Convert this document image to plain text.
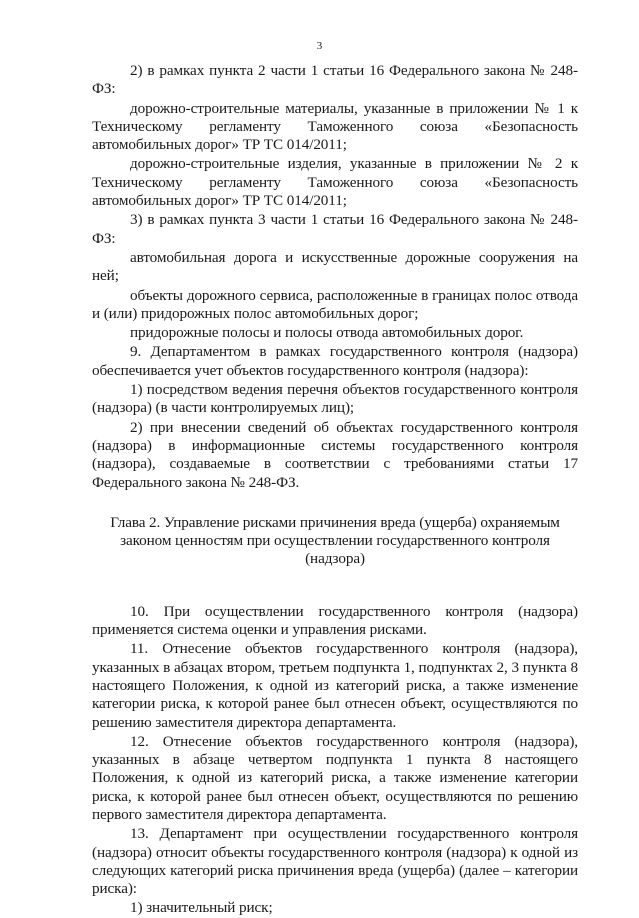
3

2) в рамках пункта 2 части 1 статьи 16 Федерального закона № 248-ФЗ:

дорожно-строительные материалы, указанные в приложении № 1 к Техническому регламенту Таможенного союза «Безопасность автомобильных дорог» ТР ТС 014/2011;

дорожно-строительные изделия, указанные в приложении № 2 к Техническому регламенту Таможенного союза «Безопасность автомобильных дорог» ТР ТС 014/2011;

3) в рамках пункта 3 части 1 статьи 16 Федерального закона № 248-ФЗ:

автомобильная дорога и искусственные дорожные сооружения на ней;

объекты дорожного сервиса, расположенные в границах полос отвода и (или) придорожных полос автомобильных дорог;

придорожные полосы и полосы отвода автомобильных дорог.

9. Департаментом в рамках государственного контроля (надзора) обеспечивается учет объектов государственного контроля (надзора):

1) посредством ведения перечня объектов государственного контроля (надзора) (в части контролируемых лиц);

2) при внесении сведений об объектах государственного контроля (надзора) в информационные системы государственного контроля (надзора), создаваемые в соответствии с требованиями статьи 17 Федерального закона № 248-ФЗ.

Глава 2. Управление рисками причинения вреда (ущерба) охраняемым
законом ценностям при осуществлении государственного контроля
(надзора)

10. При осуществлении государственного контроля (надзора) применяется система оценки и управления рисками.

11. Отнесение объектов государственного контроля (надзора), указанных в абзацах втором, третьем подпункта 1, подпунктах 2, 3 пункта 8 настоящего Положения, к одной из категорий риска, а также изменение категории риска, к которой ранее был отнесен объект, осуществляются по решению заместителя директора департамента.

12. Отнесение объектов государственного контроля (надзора), указанных в абзаце четвертом подпункта 1 пункта 8 настоящего Положения, к одной из категорий риска, а также изменение категории риска, к которой ранее был отнесен объект, осуществляются по решению первого заместителя директора департамента.

13. Департамент при осуществлении государственного контроля (надзора) относит объекты государственного контроля (надзора) к одной из следующих категорий риска причинения вреда (ущерба) (далее – категории риска):

1) значительный риск;
